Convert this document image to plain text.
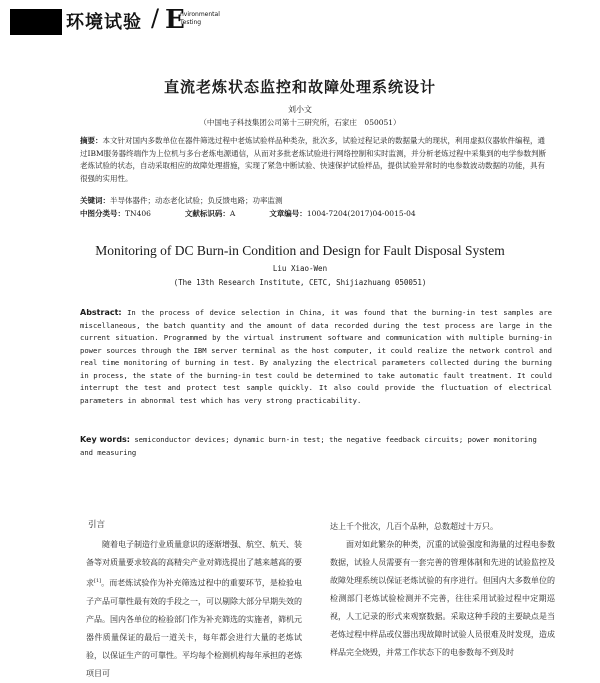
环境试验 / E
nvironmental
Testing
直流老炼状态监控和故障处理系统设计
刘小文
（中国电子科技集团公司第十三研究所，石家庄　050051）

摘要：本文针对国内多数单位在器件筛选过程中老炼试验样品种类杂，批次多，试验过程记录的数据量大的现状，利用虚拟仪器软件编程，通过IBM服务器终端作为上位机与多台老炼电源通信，从而对多批老炼试验进行网络控制和实时监测，并分析老炼过程中采集到的电学参数判断老炼试验的状态，自动采取相应的故障处理措施，实现了紧急中断试验、快速保护试验样品，提供试验异常时的电参数波动数据的功能，具有很强的实用性。

关键词：半导体器件；动态老化试验；负反馈电路；功率监测

中图分类号：TN406	文献标识码：A	文章编号：1004-7204(2017)04-0015-04
Monitoring of DC Burn-in Condition and Design for Fault Disposal System
Liu Xiao-Wen
(The 13th Research Institute, CETC, Shijiazhuang 050051)

Abstract: In the process of device selection in China, it was found that the burning-in test samples are miscellaneous, the batch quantity and the amount of data recorded during the test process are large in the current situation. Programmed by the virtual instrument software and communication with multiple burning-in power sources through the IBM server terminal as the host computer, it could realize the network control and real time monitoring of burning in test. By analyzing the electrical parameters collected during the burning in process, the state of the burning-in test could be determined to take automatic fault treatment. It could interrupt the test and protect test sample quickly. It also could provide the fluctuation of electrical parameters in abnormal test which has very strong practicability.

Key words: semiconductor devices; dynamic burn-in test; the negative feedback circuits; power monitoring and measuring

引言

　　随着电子制造行业质量意识的逐渐增强、航空、航天、装备等对质量要求较高的高精尖产业对筛选提出了越来越高的要求[1]。而老炼试验作为补充筛选过程中的重要环节，是检验电子产品可靠性最有效的手段之一，可以剔除大部分早期失效的产品。国内各单位的检验部门作为补充筛选的实施者，筛机元器件质量保证的最后一道关卡，每年都会进行大量的老炼试验，以保证生产的可靠性。平均每个检测机构每年承担的老炼项目可

达上千个批次，几百个品种，总数超过十万只。
面对如此繁杂的种类，沉重的试验强度和海量的过程电参数数据，试验人员需要有一套完善的管理体制和先进的试验监控及故障处理系统以保证老炼试验的有序进行。但国内大多数单位的检测部门老炼试验检测并不完善，往往采用试验过程中定期巡视，人工记录的形式来观察数据。采取这种手段的主要缺点是当老炼过程中样品或仪器出现故障时试验人员很难及时发现，造成样品完全烧毁，并常工作状态下的电参数每不到及时
